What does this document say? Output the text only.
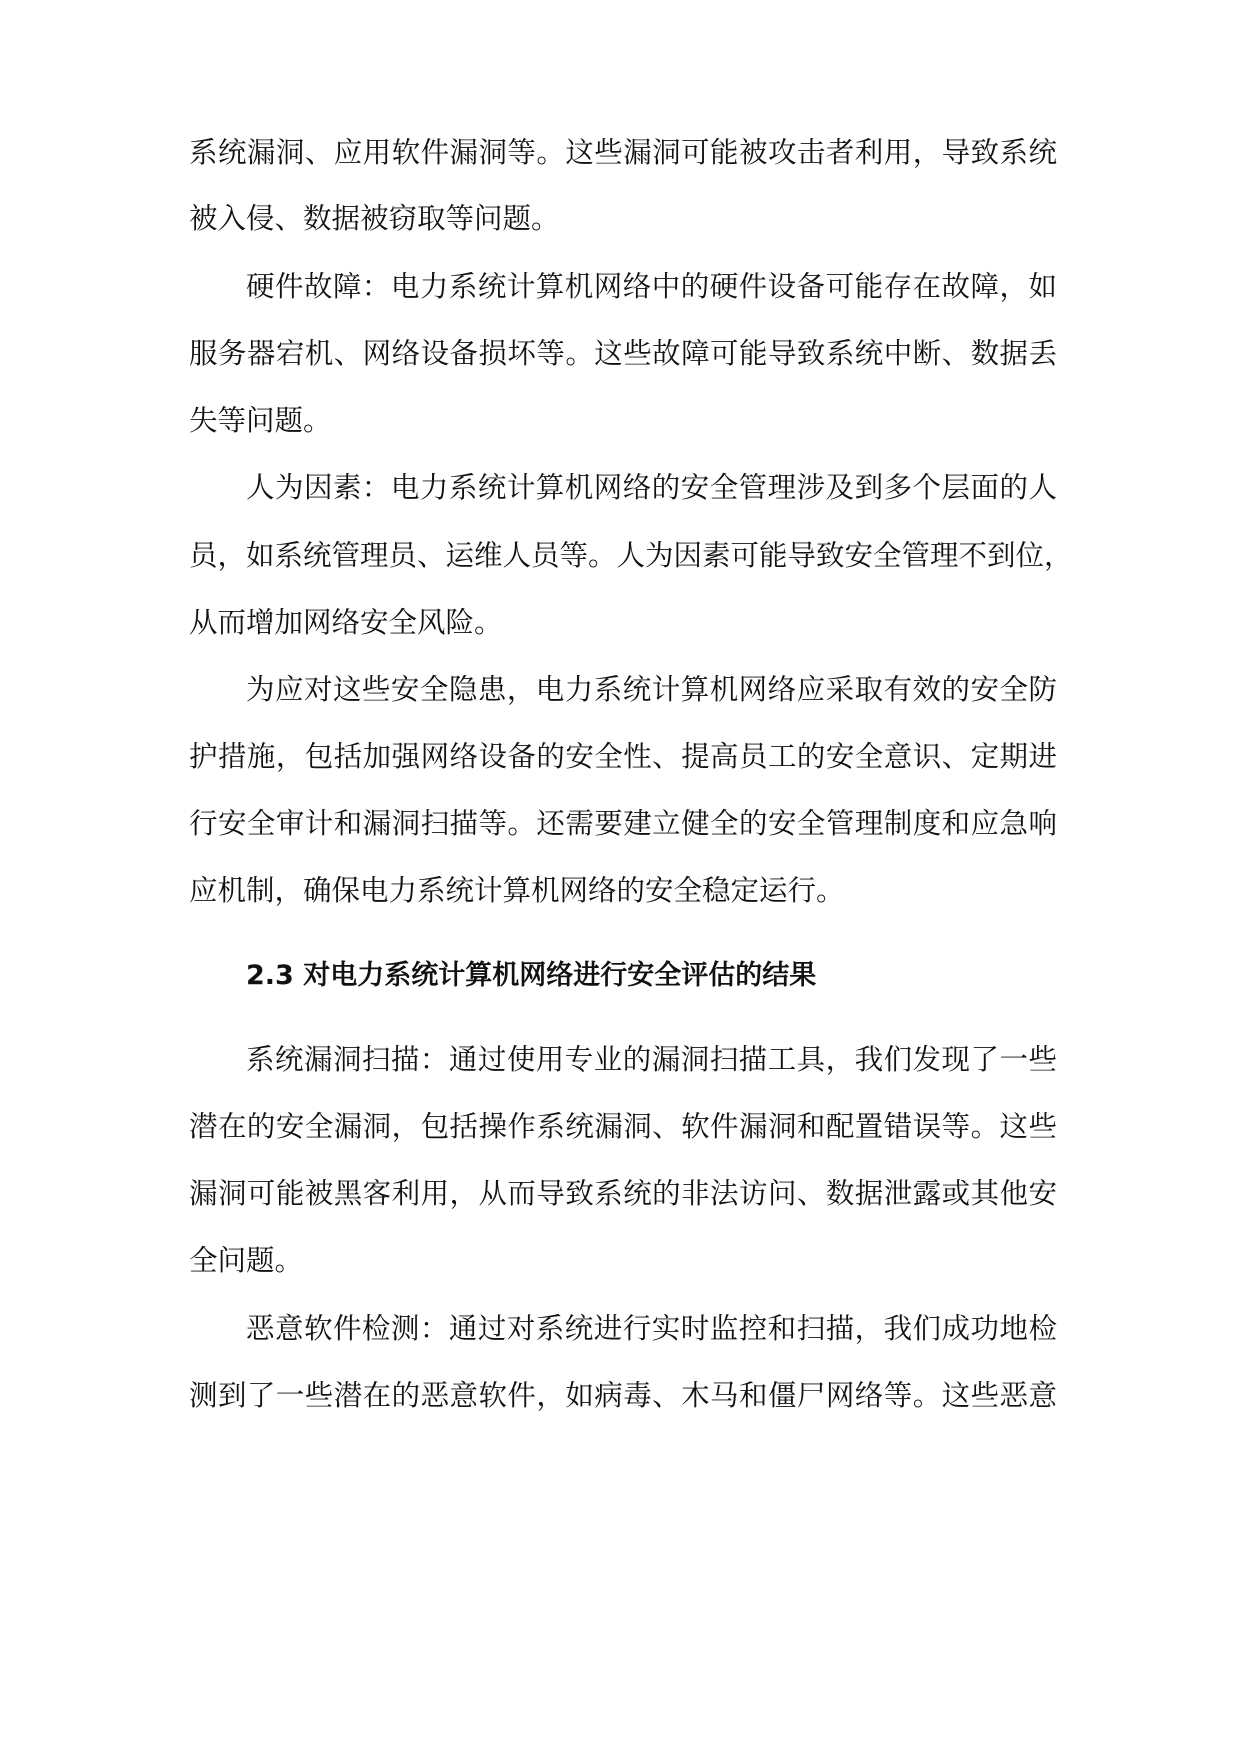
系统漏洞、应用软件漏洞等。这些漏洞可能被攻击者利用，导致系统

被入侵、数据被窃取等问题。

硬件故障：电力系统计算机网络中的硬件设备可能存在故障，如

服务器宕机、网络设备损坏等。这些故障可能导致系统中断、数据丢

失等问题。

人为因素：电力系统计算机网络的安全管理涉及到多个层面的人

员，如系统管理员、运维人员等。人为因素可能导致安全管理不到位，

从而增加网络安全风险。

为应对这些安全隐患，电力系统计算机网络应采取有效的安全防

护措施，包括加强网络设备的安全性、提高员工的安全意识、定期进

行安全审计和漏洞扫描等。还需要建立健全的安全管理制度和应急响

应机制，确保电力系统计算机网络的安全稳定运行。

2.3 对电力系统计算机网络进行安全评估的结果

系统漏洞扫描：通过使用专业的漏洞扫描工具，我们发现了一些

潜在的安全漏洞，包括操作系统漏洞、软件漏洞和配置错误等。这些

漏洞可能被黑客利用，从而导致系统的非法访问、数据泄露或其他安

全问题。

恶意软件检测：通过对系统进行实时监控和扫描，我们成功地检

测到了一些潜在的恶意软件，如病毒、木马和僵尸网络等。这些恶意
